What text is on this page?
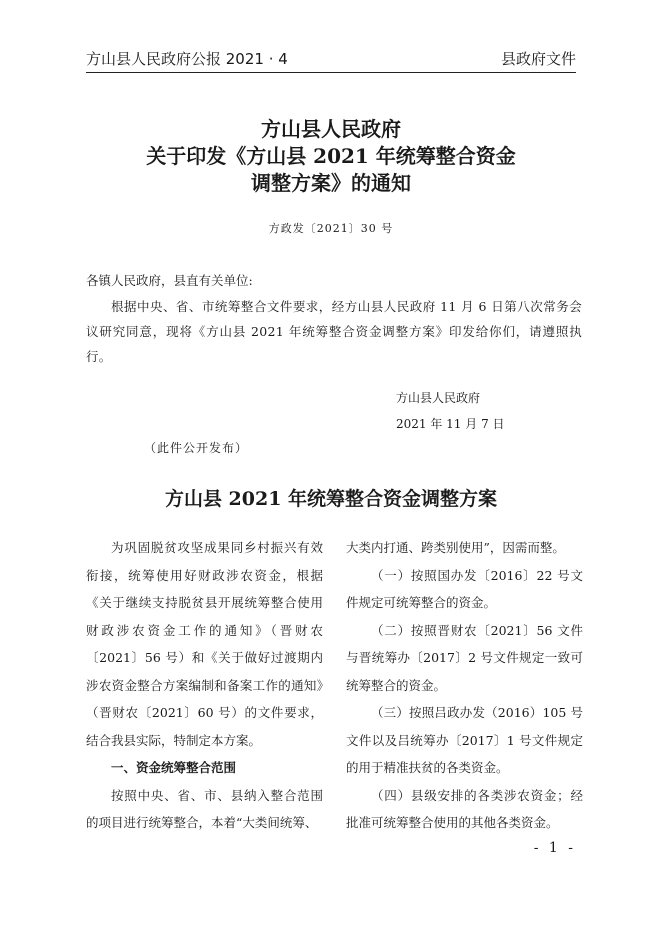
方山县人民政府公报 2021 · 4	县政府文件
方山县人民政府
关于印发《方山县 2021 年统筹整合资金
调整方案》的通知
方政发〔2021〕30 号

各镇人民政府，县直有关单位:

根据中央、省、市统筹整合文件要求，经方山县人民政府 11 月 6 日第八次常务会议研究同意，现将《方山县 2021 年统筹整合资金调整方案》印发给你们，请遵照执行。

方山县人民政府

2021 年 11 月 7 日

（此件公开发布）

方山县 2021 年统筹整合资金调整方案

为巩固脱贫攻坚成果同乡村振兴有效衔接，统筹使用好财政涉农资金，根据《关于继续支持脱贫县开展统筹整合使用财政涉农资金工作的通知》（晋财农〔2021〕56 号）和《关于做好过渡期内涉农资金整合方案编制和备案工作的通知》（晋财农〔2021〕60 号）的文件要求，结合我县实际，特制定本方案。

一、资金统筹整合范围

按照中央、省、市、县纳入整合范围的项目进行统筹整合，本着“大类间统筹、

大类内打通、跨类别使用”，因需而整。

（一）按照国办发〔2016〕22 号文件规定可统筹整合的资金。

（二）按照晋财农〔2021〕56 文件与晋统筹办〔2017〕2 号文件规定一致可统筹整合的资金。

（三）按照吕政办发（2016）105 号文件以及吕统筹办〔2017〕1 号文件规定的用于精准扶贫的各类资金。

（四）县级安排的各类涉农资金；经批准可统筹整合使用的其他各类资金。

- 1 -
